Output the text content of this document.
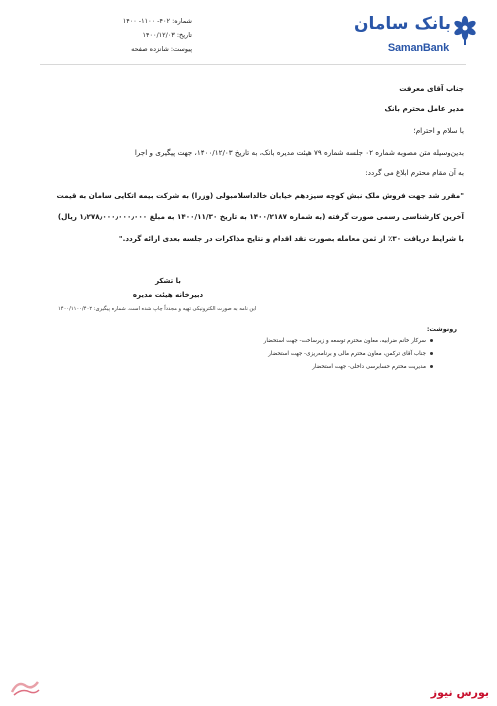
شماره: ۴۰۲- ۱۱۰۰- ۱۴۰۰
تاریخ: ۱۴۰۰/۱۲/۰۳
پیوست: شانزده صفحه
بانک سامان
SamanBank
جناب آقای معرفت
مدیر عامل محترم بانک
با سلام و احترام؛
بدین‌وسیله متن مصوبه شماره ۰۲ جلسه شماره ۷۹ هیئت مدیره بانک، به تاریخ ۱۴۰۰/۱۲/۰۳، جهت پیگیری و اجرا
به آن مقام محترم ابلاغ می گردد:
"مقرر شد جهت فروش ملک نبش کوچه سیزدهم خیابان خالداسلامبولی (وزرا) به شرکت بیمه اتکایی سامان به قیمت
آخرین کارشناسی رسمی صورت گرفته (به شماره ۱۴۰۰/۲۱۸۷ به تاریخ ۱۴۰۰/۱۱/۳۰ به مبلغ ۱٫۲۷۸٫۰۰۰٫۰۰۰٫۰۰۰ ریال)
با شرایط دریافت ۳۰٪ از ثمن معامله بصورت نقد اقدام و نتایج مذاکرات در جلسه بعدی ارائه گردد."
با تشکر
دبیرخانه هیئت مدیره
این نامه به صورت الکترونیکی تهیه و مجدداً چاپ شده است. شماره پیگیری: ۱۴۰۰/۱۱۰۰/۴۰۲
رونوشت:
سرکار خانم ضرابیه، معاون محترم توسعه و زیرساخت- جهت استحضار
جناب آقای ترکمن، معاون محترم مالی و برنامه‌ریزی- جهت استحضار
مدیریت محترم حسابرسی داخلی- جهت استحضار
بورس نیوز
